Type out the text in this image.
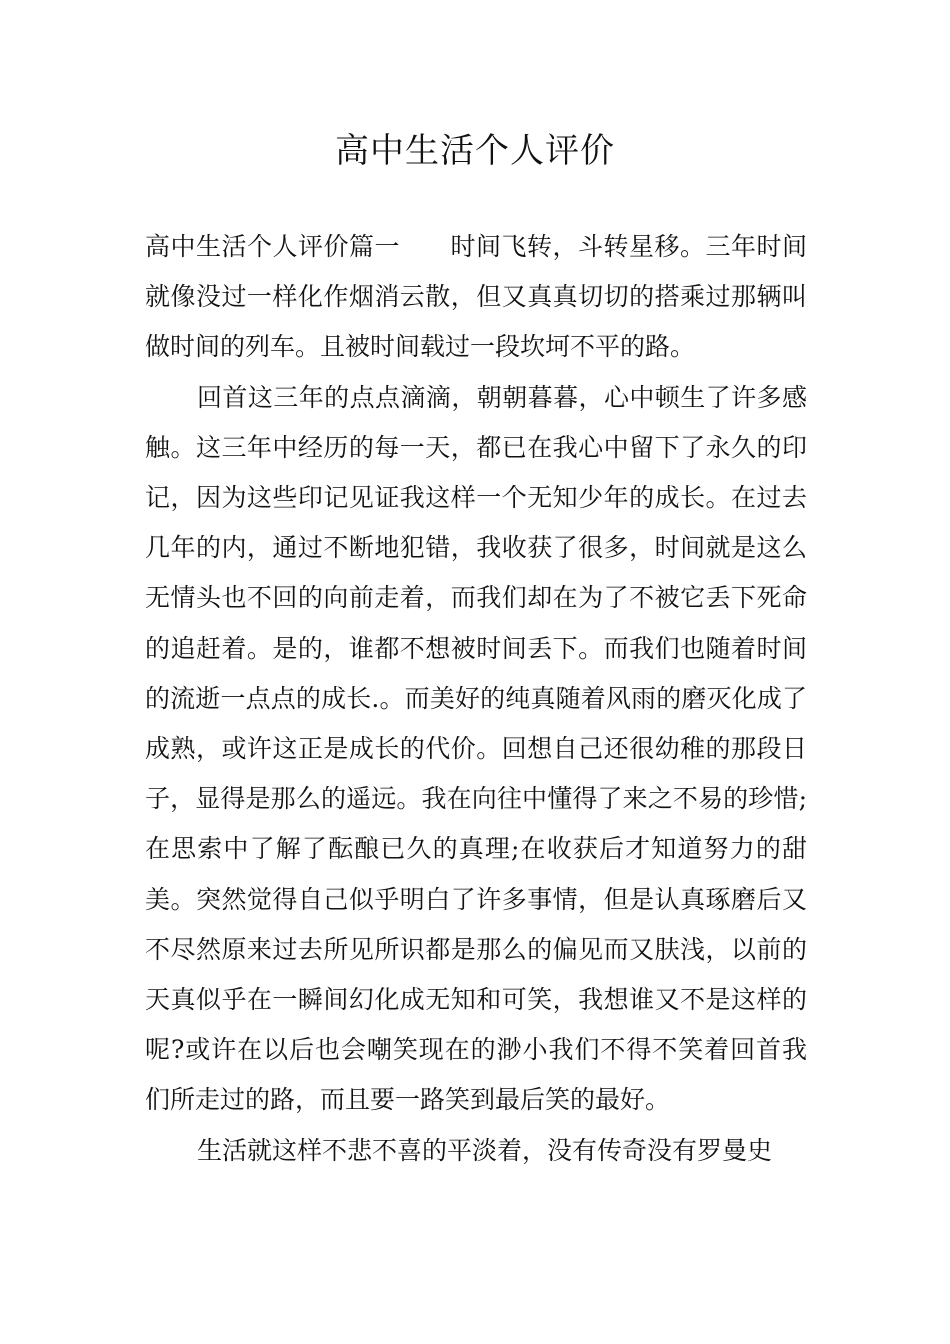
高中生活个人评价

高中生活个人评价篇一 时间飞转，斗转星移。三年时间就像没过一样化作烟消云散，但又真真切切的搭乘过那辆叫做时间的列车。且被时间载过一段坎坷不平的路。

回首这三年的点点滴滴，朝朝暮暮，心中顿生了许多感触。这三年中经历的每一天，都已在我心中留下了永久的印记，因为这些印记见证我这样一个无知少年的成长。在过去几年的内，通过不断地犯错，我收获了很多，时间就是这么无情头也不回的向前走着，而我们却在为了不被它丢下死命的追赶着。是的，谁都不想被时间丢下。而我们也随着时间的流逝一点点的成长.。而美好的纯真随着风雨的磨灭化成了成熟，或许这正是成长的代价。回想自己还很幼稚的那段日子，显得是那么的遥远。我在向往中懂得了来之不易的珍惜;在思索中了解了酝酿已久的真理;在收获后才知道努力的甜美。突然觉得自己似乎明白了许多事情，但是认真琢磨后又不尽然原来过去所见所识都是那么的偏见而又肤浅，以前的天真似乎在一瞬间幻化成无知和可笑，我想谁又不是这样的呢?或许在以后也会嘲笑现在的渺小我们不得不笑着回首我们所走过的路，而且要一路笑到最后笑的最好。

生活就这样不悲不喜的平淡着，没有传奇没有罗曼史
